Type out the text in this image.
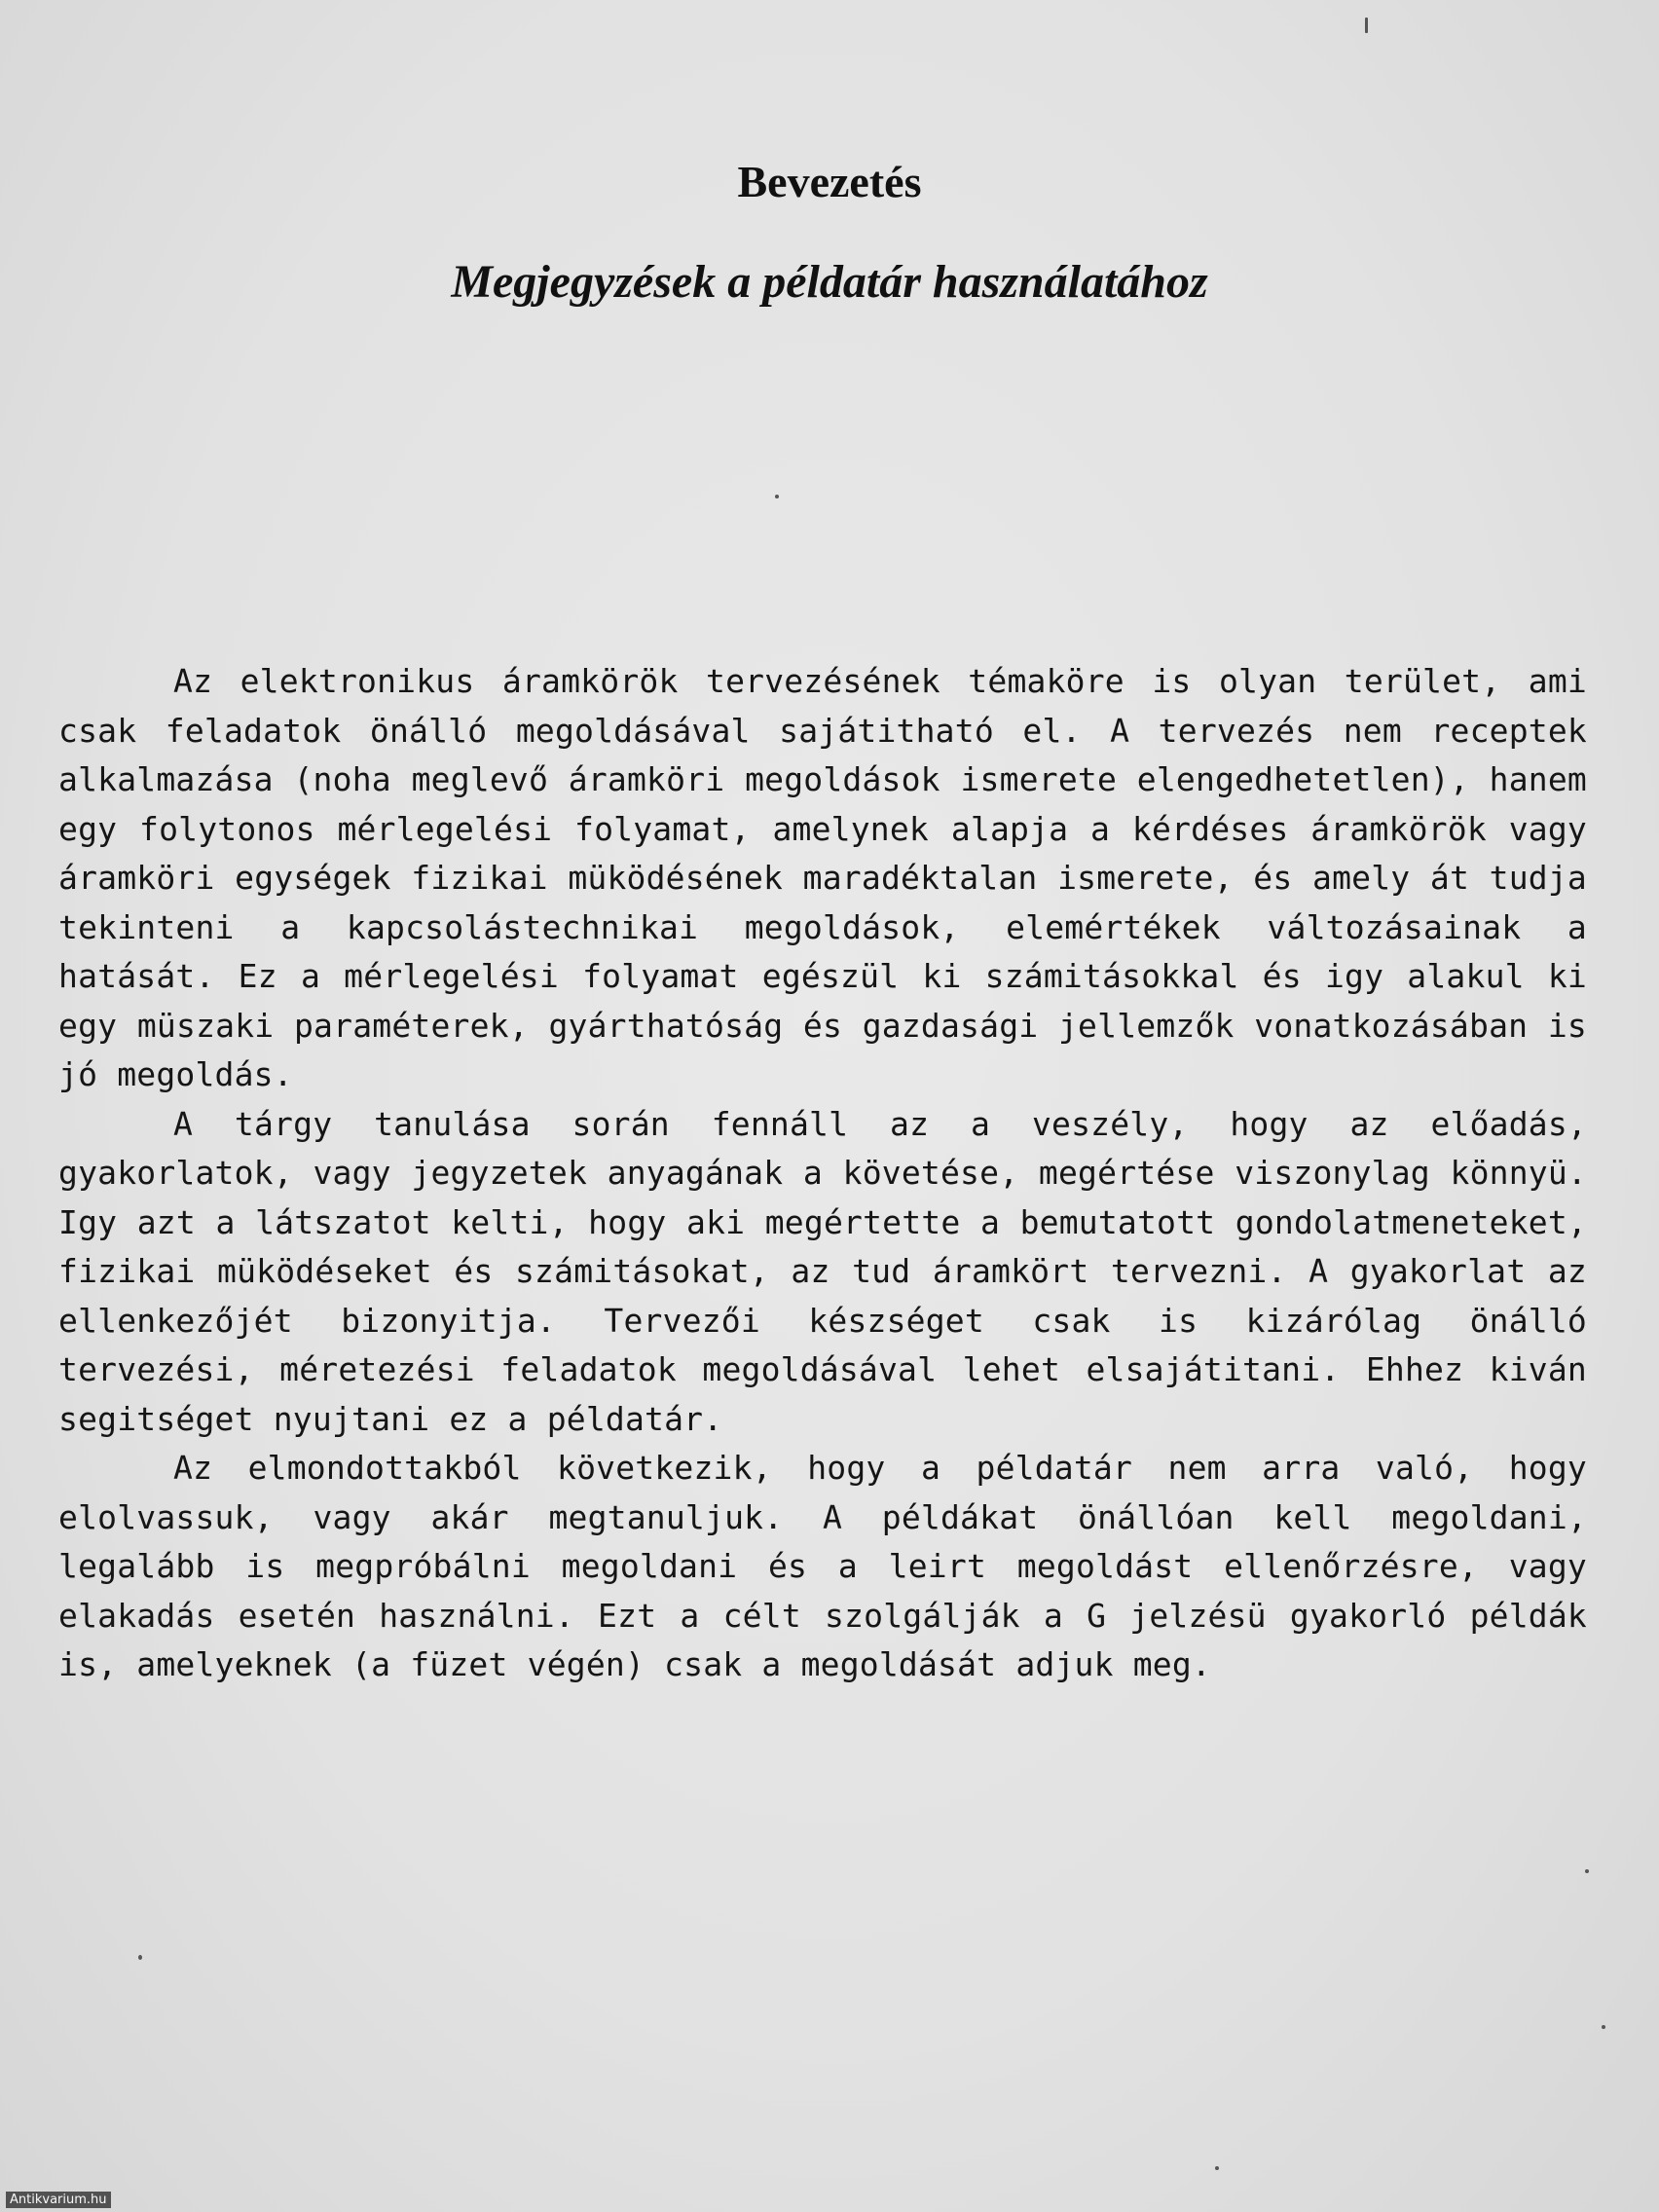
Bevezetés
Megjegyzések a példatár használatához

Az elektronikus áramkörök tervezésének témaköre is olyan terület, ami csak feladatok önálló megoldásával sajátitható el. A tervezés nem receptek alkalmazása (noha meglevő áramköri megoldások ismerete elengedhetetlen), hanem egy folytonos mérlegelési folyamat, amelynek alapja a kérdéses áramkörök vagy áramköri egységek fizikai müködésének maradéktalan ismerete, és amely át tudja tekinteni a kapcsolástechnikai megoldások, elemértékek változásainak a hatását. Ez a mérlegelési folyamat egészül ki számitásokkal és igy alakul ki egy müszaki paraméterek, gyárthatóság és gazdasági jellemzők vonatkozásában is jó megoldás.

A tárgy tanulása során fennáll az a veszély, hogy az előadás, gyakorlatok, vagy jegyzetek anyagának a követése, megértése viszonylag könnyü. Igy azt a látszatot kelti, hogy aki megértette a bemutatott gondolatmeneteket, fizikai müködéseket és számitásokat, az tud áramkört tervezni. A gyakorlat az ellenkezőjét bizonyitja. Tervezői készséget csak is kizárólag önálló tervezési, méretezési feladatok megoldásával lehet elsajátitani. Ehhez kiván segitséget nyujtani ez a példatár.

Az elmondottakból következik, hogy a példatár nem arra való, hogy elolvassuk, vagy akár megtanuljuk. A példákat önállóan kell megoldani, legalább is megpróbálni megoldani és a leirt megoldást ellenőrzésre, vagy elakadás esetén használni. Ezt a célt szolgálják a G jelzésü gyakorló példák is, amelyeknek (a füzet végén) csak a megoldását adjuk meg.

Antikvarium.hu
